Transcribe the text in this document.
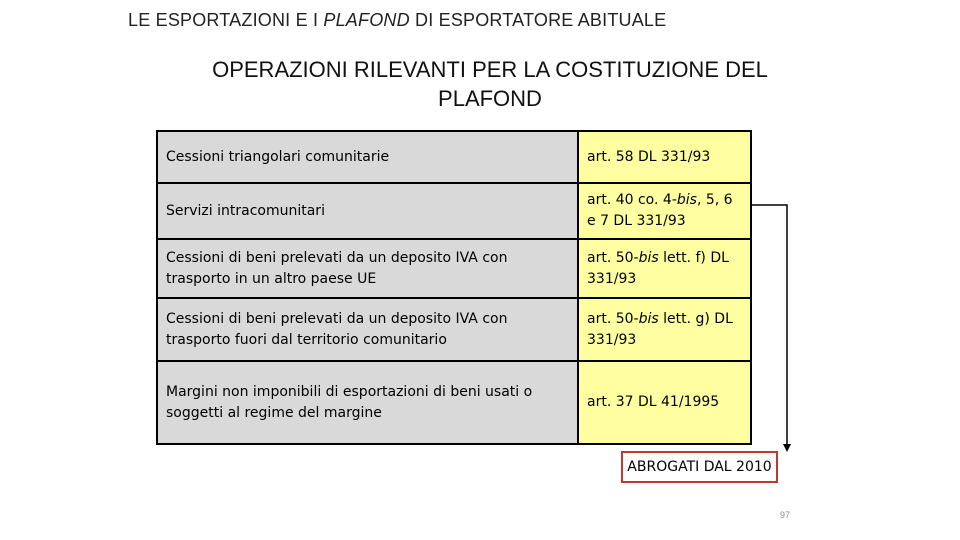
LE ESPORTAZIONI E I PLAFOND DI ESPORTATORE ABITUALE
OPERAZIONI RILEVANTI PER LA COSTITUZIONE DEL
PLAFOND
Cessioni triangolari comunitarie	art. 58 DL 331/93
Servizi intracomunitari	art. 40 co. 4-bis, 5, 6 e 7 DL 331/93
Cessioni di beni prelevati da un deposito IVA con trasporto in un altro paese UE	art. 50-bis lett. f) DL 331/93
Cessioni di beni prelevati da un deposito IVA con trasporto fuori dal territorio comunitario	art. 50-bis lett. g) DL 331/93
Margini non imponibili di esportazioni di beni usati o soggetti al regime del margine	art. 37 DL 41/1995
ABROGATI DAL 2010
97
